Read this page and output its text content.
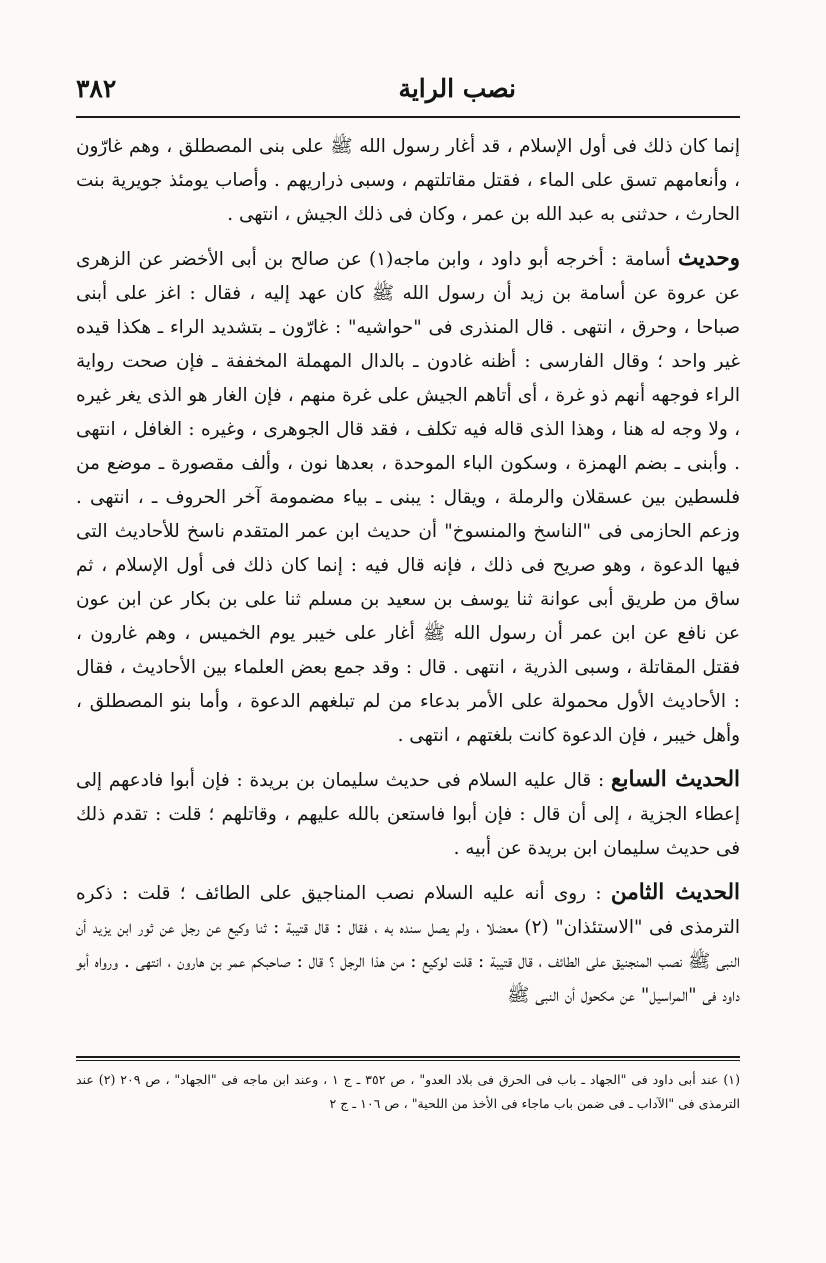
نصب الراية
٣٨٢

إنما كان ذلك فى أول الإسلام ، قد أغار رسول الله ﷺ على بنى المصطلق ، وهم غارّون ، وأنعامهم تسق على الماء ، فقتل مقاتلتهم ، وسبى ذراريهم . وأصاب يومئذ جويرية بنت الحارث ، حدثنى به عبد الله بن عمر ، وكان فى ذلك الجيش ، انتهى .

وحديث أسامة : أخرجه أبو داود ، وابن ماجه(١) عن صالح بن أبى الأخضر عن الزهرى عن عروة عن أسامة بن زيد أن رسول الله ﷺ كان عهد إليه ، فقال : اغز على أبنى صباحا ، وحرق ، انتهى . قال المنذرى فى "حواشيه" : غارّون ـ بتشديد الراء ـ هكذا قيده غير واحد ؛ وقال الفارسى : أظنه غادون ـ بالدال المهملة المخففة ـ فإن صحت رواية الراء فوجهه أنهم ذو غرة ، أى أتاهم الجيش على غرة منهم ، فإن الغار هو الذى يغر غيره ، ولا وجه له هنا ، وهذا الذى قاله فيه تكلف ، فقد قال الجوهرى ، وغيره : الغافل ، انتهى . وأبنى ـ بضم الهمزة ، وسكون الباء الموحدة ، بعدها نون ، وألف مقصورة ـ موضع من فلسطين بين عسقلان والرملة ، ويقال : يبنى ـ بياء مضمومة آخر الحروف ـ ، انتهى . وزعم الحازمى فى "الناسخ والمنسوخ" أن حديث ابن عمر المتقدم ناسخ للأحاديث التى فيها الدعوة ، وهو صريح فى ذلك ، فإنه قال فيه : إنما كان ذلك فى أول الإسلام ، ثم ساق من طريق أبى عوانة ثنا يوسف بن سعيد بن مسلم ثنا على بن بكار عن ابن عون عن نافع عن ابن عمر أن رسول الله ﷺ أغار على خيبر يوم الخميس ، وهم غارون ، فقتل المقاتلة ، وسبى الذرية ، انتهى . قال : وقد جمع بعض العلماء بين الأحاديث ، فقال : الأحاديث الأول محمولة على الأمر بدعاء من لم تبلغهم الدعوة ، وأما بنو المصطلق ، وأهل خيبر ، فإن الدعوة كانت بلغتهم ، انتهى .

الحديث السابع : قال عليه السلام فى حديث سليمان بن بريدة : فإن أبوا فادعهم إلى إعطاء الجزية ، إلى أن قال : فإن أبوا فاستعن بالله عليهم ، وقاتلهم ؛ قلت : تقدم ذلك فى حديث سليمان ابن بريدة عن أبيه .

الحديث الثامن : روى أنه عليه السلام نصب المناجيق على الطائف ؛ قلت : ذكره الترمذى فى "الاستئذان" (٢) معضلا ، ولم يصل سنده به ، فقال : قال قتيبة : ثنا وكيع عن رجل عن ثور ابن يزيد أن النبى ﷺ نصب المنجنيق على الطائف ، قال قتيبة : قلت لوكيع : من هذا الرجل ؟ قال : صاحبكم عمر بن هارون ، انتهى . ورواه أبو داود فى "المراسيل" عن مكحول أن النبى ﷺ

(١) عند أبى داود فى "الجهاد ـ باب فى الحرق فى بلاد العدو" ، ص ٣٥٢ ـ ج ١ ، وعند ابن ماجه فى "الجهاد" ، ص ٢٠٩ (٢) عند الترمذى فى "الآداب ـ فى ضمن باب ماجاء فى الأخذ من اللحية" ، ص ١٠٦ ـ ج ٢
